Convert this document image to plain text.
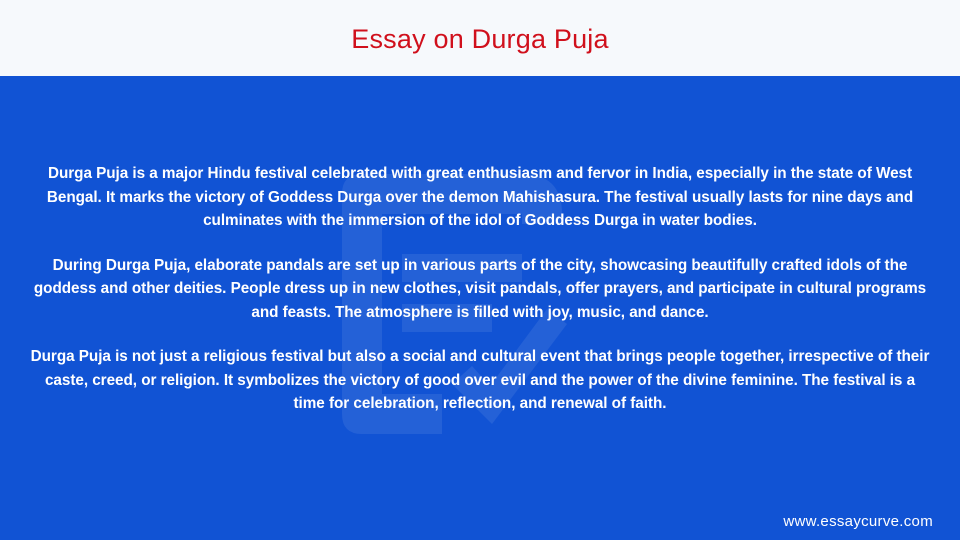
Essay on Durga Puja

Durga Puja is a major Hindu festival celebrated with great enthusiasm and fervor in India, especially in the state of West Bengal. It marks the victory of Goddess Durga over the demon Mahishasura. The festival usually lasts for nine days and culminates with the immersion of the idol of Goddess Durga in water bodies.

During Durga Puja, elaborate pandals are set up in various parts of the city, showcasing beautifully crafted idols of the goddess and other deities. People dress up in new clothes, visit pandals, offer prayers, and participate in cultural programs and feasts. The atmosphere is filled with joy, music, and dance.

Durga Puja is not just a religious festival but also a social and cultural event that brings people together, irrespective of their caste, creed, or religion. It symbolizes the victory of good over evil and the power of the divine feminine. The festival is a time for celebration, reflection, and renewal of faith.

www.essaycurve.com
